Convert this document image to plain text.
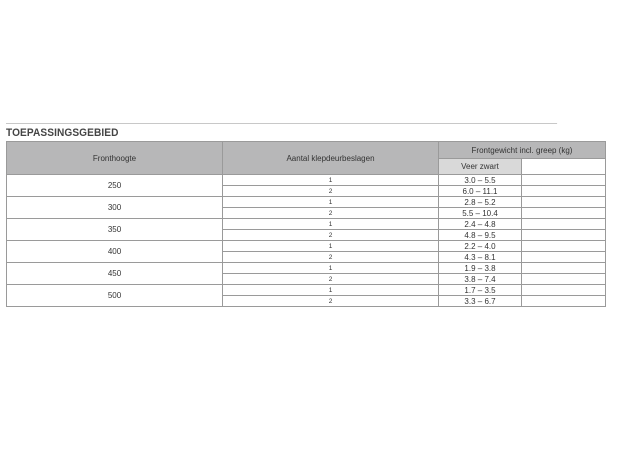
TOEPASSINGSGEBIED
Fronthoogte	Aantal klepdeurbeslagen	Frontgewicht incl. greep (kg)	
		Veer zwart	
250	1	3.0 – 5.5	
	2	6.0 – 11.1	
300	1	2.8 – 5.2	
	2	5.5 – 10.4	
350	1	2.4 – 4.8	
	2	4.8 – 9.5	
400	1	2.2 – 4.0	
	2	4.3 – 8.1	
450	1	1.9 – 3.8	
	2	3.8 – 7.4	
500	1	1.7 – 3.5	
	2	3.3 – 6.7	
